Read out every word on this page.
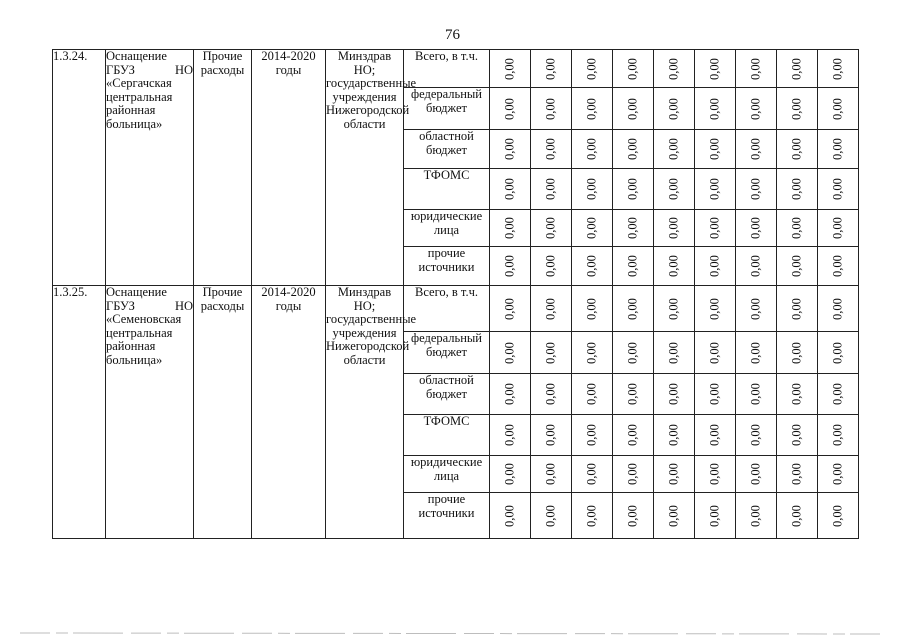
76
1.3.24.	Оснащение ГБУЗ НО «Сергачская центральная районная больница»	Прочие расходы	2014-2020 годы	Минздрав НО; государственные учреждения Нижегородской области	Всего, в т.ч.	0,00	0,00	0,00	0,00	0,00	0,00	0,00	0,00	0,00

					федеральный бюджет	0,00	0,00	0,00	0,00	0,00	0,00	0,00	0,00	0,00

					областной бюджет	0,00	0,00	0,00	0,00	0,00	0,00	0,00	0,00	0,00

					ТФОМС	0,00	0,00	0,00	0,00	0,00	0,00	0,00	0,00	0,00

					юридические лица	0,00	0,00	0,00	0,00	0,00	0,00	0,00	0,00	0,00

					прочие источники	0,00	0,00	0,00	0,00	0,00	0,00	0,00	0,00	0,00

1.3.25.	Оснащение ГБУЗ НО «Семеновская центральная районная больница»	Прочие расходы	2014-2020 годы	Минздрав НО; государственные учреждения Нижегородской области	Всего, в т.ч.	0,00	0,00	0,00	0,00	0,00	0,00	0,00	0,00	0,00

					федеральный бюджет	0,00	0,00	0,00	0,00	0,00	0,00	0,00	0,00	0,00

					областной бюджет	0,00	0,00	0,00	0,00	0,00	0,00	0,00	0,00	0,00

					ТФОМС	0,00	0,00	0,00	0,00	0,00	0,00	0,00	0,00	0,00

					юридические лица	0,00	0,00	0,00	0,00	0,00	0,00	0,00	0,00	0,00

					прочие источники	0,00	0,00	0,00	0,00	0,00	0,00	0,00	0,00	0,00
